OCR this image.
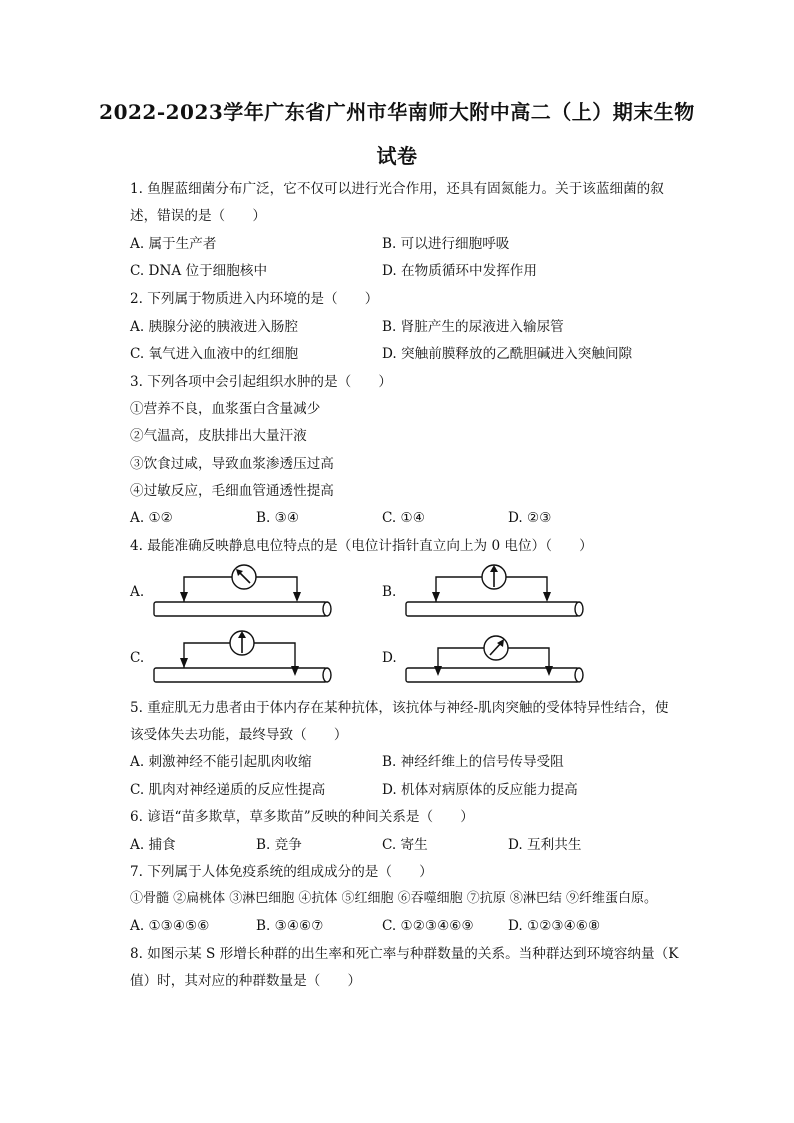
2022-2023学年广东省广州市华南师大附中高二（上）期末生物
试卷
1. 鱼腥蓝细菌分布广泛，它不仅可以进行光合作用，还具有固氮能力。关于该蓝细菌的叙
述，错误的是（　　）
A. 属于生产者	B. 可以进行细胞呼吸
C. DNA 位于细胞核中	D. 在物质循环中发挥作用
2. 下列属于物质进入内环境的是（　　）
A. 胰腺分泌的胰液进入肠腔	B. 肾脏产生的尿液进入输尿管
C. 氧气进入血液中的红细胞	D. 突触前膜释放的乙酰胆碱进入突触间隙
3. 下列各项中会引起组织水肿的是（　　）
①营养不良，血浆蛋白含量减少
②气温高，皮肤排出大量汗液
③饮食过咸，导致血浆渗透压过高
④过敏反应，毛细血管通透性提高
A. ①②	B. ③④	C. ①④	D. ②③
4. 最能准确反映静息电位特点的是（电位计指针直立向上为 0 电位）（　　）
A.	B.
C.	D.
5. 重症肌无力患者由于体内存在某种抗体，该抗体与神经-肌肉突触的受体特异性结合，使
该受体失去功能，最终导致（　　）
A. 刺激神经不能引起肌肉收缩	B. 神经纤维上的信号传导受阻
C. 肌肉对神经递质的反应性提高	D. 机体对病原体的反应能力提高
6. 谚语“苗多欺草，草多欺苗”反映的种间关系是（　　）
A. 捕食	B. 竞争	C. 寄生	D. 互利共生
7. 下列属于人体免疫系统的组成成分的是（　　）
①骨髓 ②扁桃体 ③淋巴细胞 ④抗体 ⑤红细胞 ⑥吞噬细胞 ⑦抗原 ⑧淋巴结 ⑨纤维蛋白原。
A. ①③④⑤⑥	B. ③④⑥⑦	C. ①②③④⑥⑨	D. ①②③④⑥⑧
8. 如图示某 S 形增长种群的出生率和死亡率与种群数量的关系。当种群达到环境容纳量（K
值）时，其对应的种群数量是（　　）
